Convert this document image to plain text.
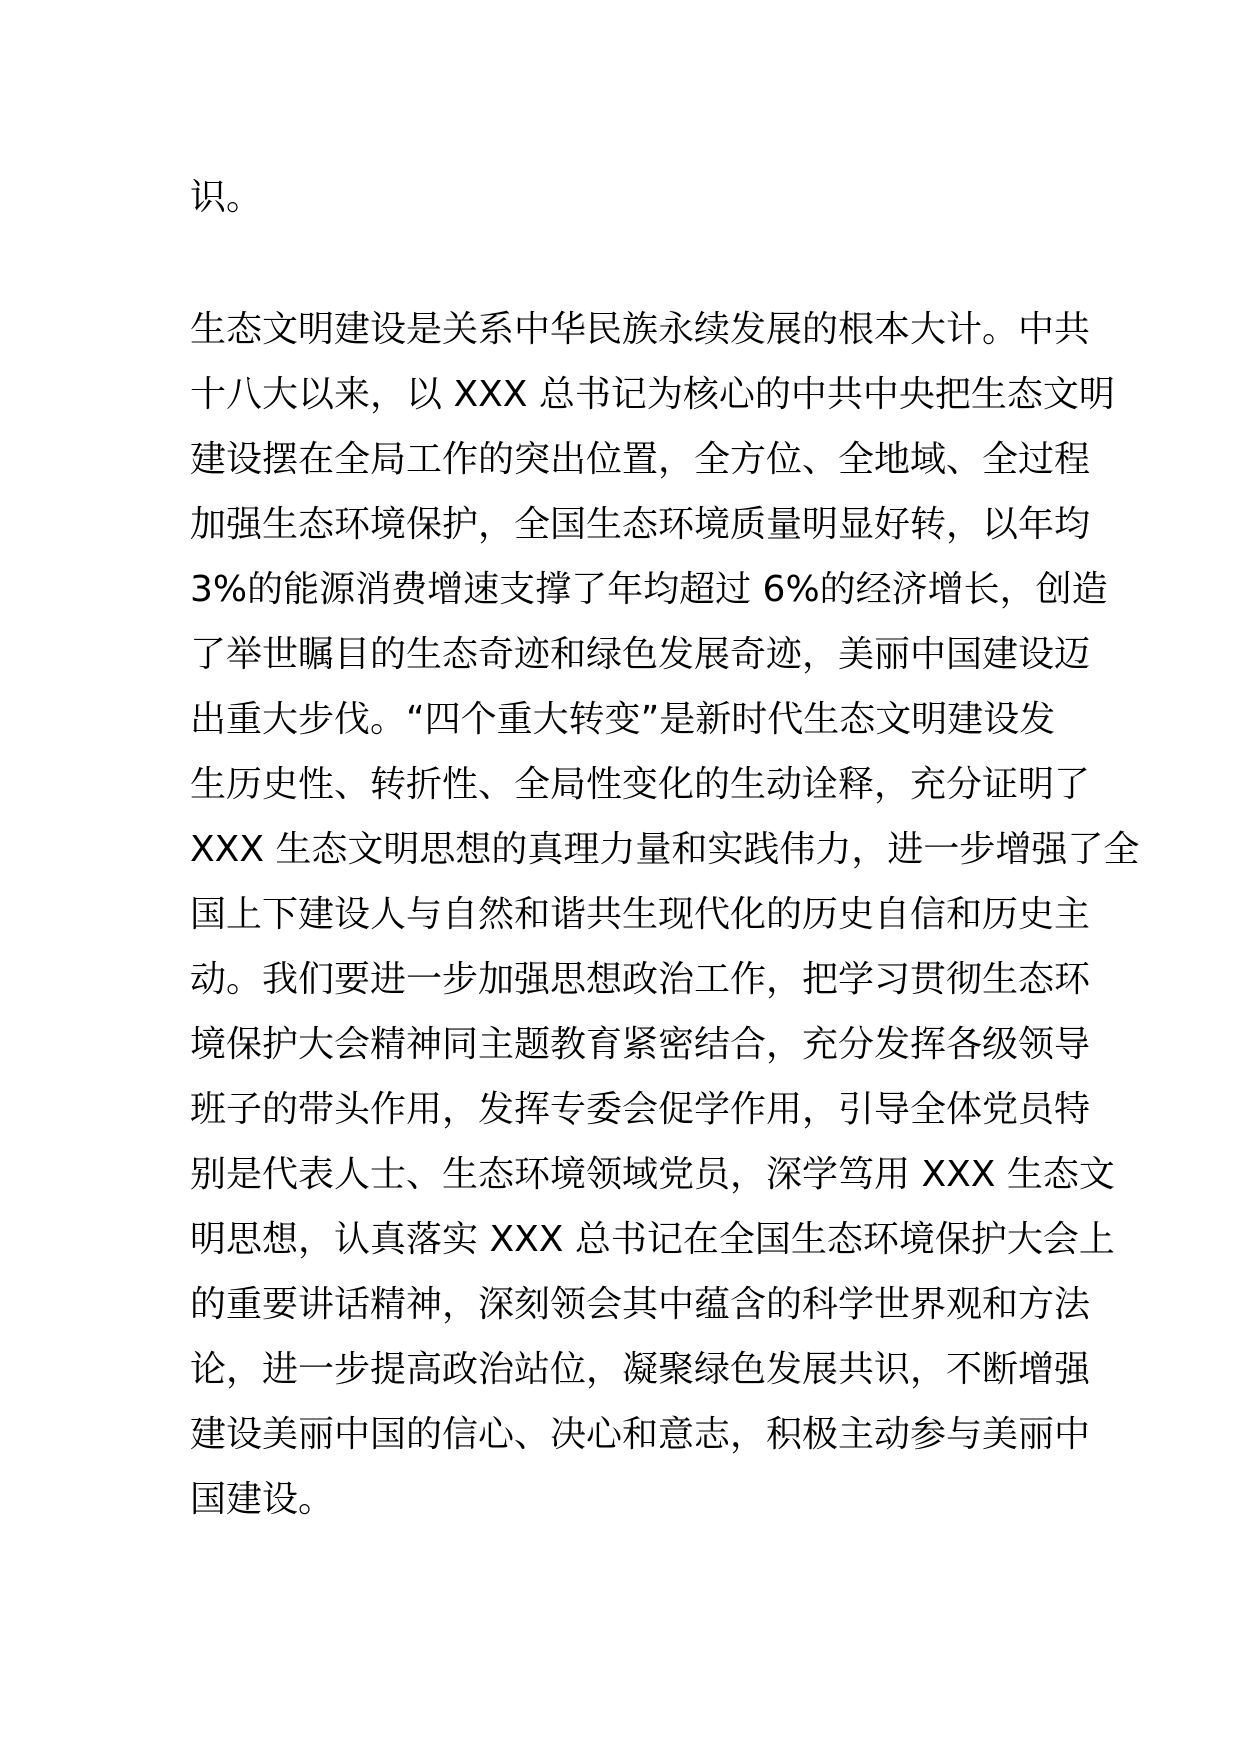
识。
生态文明建设是关系中华民族永续发展的根本大计。中共
十八大以来，以 XXX 总书记为核心的中共中央把生态文明
建设摆在全局工作的突出位置，全方位、全地域、全过程
加强生态环境保护，全国生态环境质量明显好转，以年均
3%的能源消费增速支撑了年均超过 6%的经济增长，创造
了举世瞩目的生态奇迹和绿色发展奇迹，美丽中国建设迈
出重大步伐。“四个重大转变”是新时代生态文明建设发
生历史性、转折性、全局性变化的生动诠释，充分证明了
XXX 生态文明思想的真理力量和实践伟力，进一步增强了全
国上下建设人与自然和谐共生现代化的历史自信和历史主
动。我们要进一步加强思想政治工作，把学习贯彻生态环
境保护大会精神同主题教育紧密结合，充分发挥各级领导
班子的带头作用，发挥专委会促学作用，引导全体党员特
别是代表人士、生态环境领域党员，深学笃用 XXX 生态文
明思想，认真落实 XXX 总书记在全国生态环境保护大会上
的重要讲话精神，深刻领会其中蕴含的科学世界观和方法
论，进一步提高政治站位，凝聚绿色发展共识，不断增强
建设美丽中国的信心、决心和意志，积极主动参与美丽中
国建设。
